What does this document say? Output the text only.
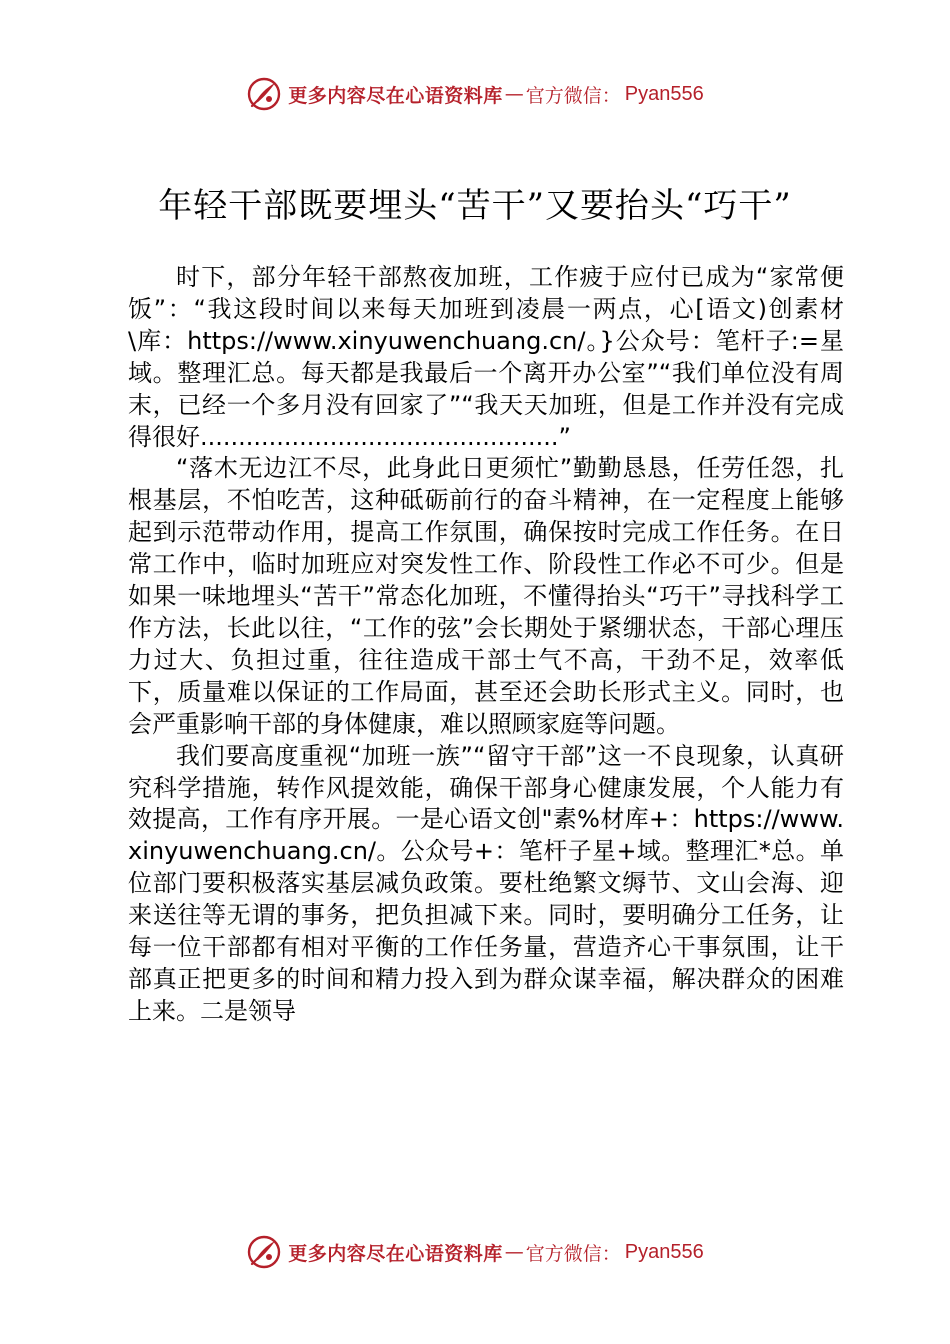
更多内容尽在心语资料库 — 官方微信： Pyan556
年轻干部既要埋头“苦干”又要抬头“巧干”

时下，部分年轻干部熬夜加班，工作疲于应付已成为“家常便饭”：“我这段时间以来每天加班到凌晨一两点，心[语文)创素材\库：https://www.xinyuwenchuang.cn/。}公众号：笔杆子:=星域。整理汇总。每天都是我最后一个离开办公室”“我们单位没有周末，已经一个多月没有回家了”“我天天加班，但是工作并没有完成得很好...............................................”

“落木无边江不尽，此身此日更须忙”勤勤恳恳，任劳任怨，扎根基层，不怕吃苦，这种砥砺前行的奋斗精神，在一定程度上能够起到示范带动作用，提高工作氛围，确保按时完成工作任务。在日常工作中，临时加班应对突发性工作、阶段性工作必不可少。但是如果一味地埋头“苦干”常态化加班，不懂得抬头“巧干”寻找科学工作方法，长此以往，“工作的弦”会长期处于紧绷状态，干部心理压力过大、负担过重，往往造成干部士气不高，干劲不足，效率低下，质量难以保证的工作局面，甚至还会助长形式主义。同时，也会严重影响干部的身体健康，难以照顾家庭等问题。

我们要高度重视“加班一族”“留守干部”这一不良现象，认真研究科学措施，转作风提效能，确保干部身心健康发展，个人能力有效提高，工作有序开展。一是心语文创"素%材库+：https://www.xinyuwenchuang.cn/。公众号+：笔杆子星+域。整理汇*总。单位部门要积极落实基层减负政策。要杜绝繁文缛节、文山会海、迎来送往等无谓的事务，把负担减下来。同时，要明确分工任务，让每一位干部都有相对平衡的工作任务量，营造齐心干事氛围，让干部真正把更多的时间和精力投入到为群众谋幸福，解决群众的困难上来。二是领导

更多内容尽在心语资料库 — 官方微信： Pyan556
